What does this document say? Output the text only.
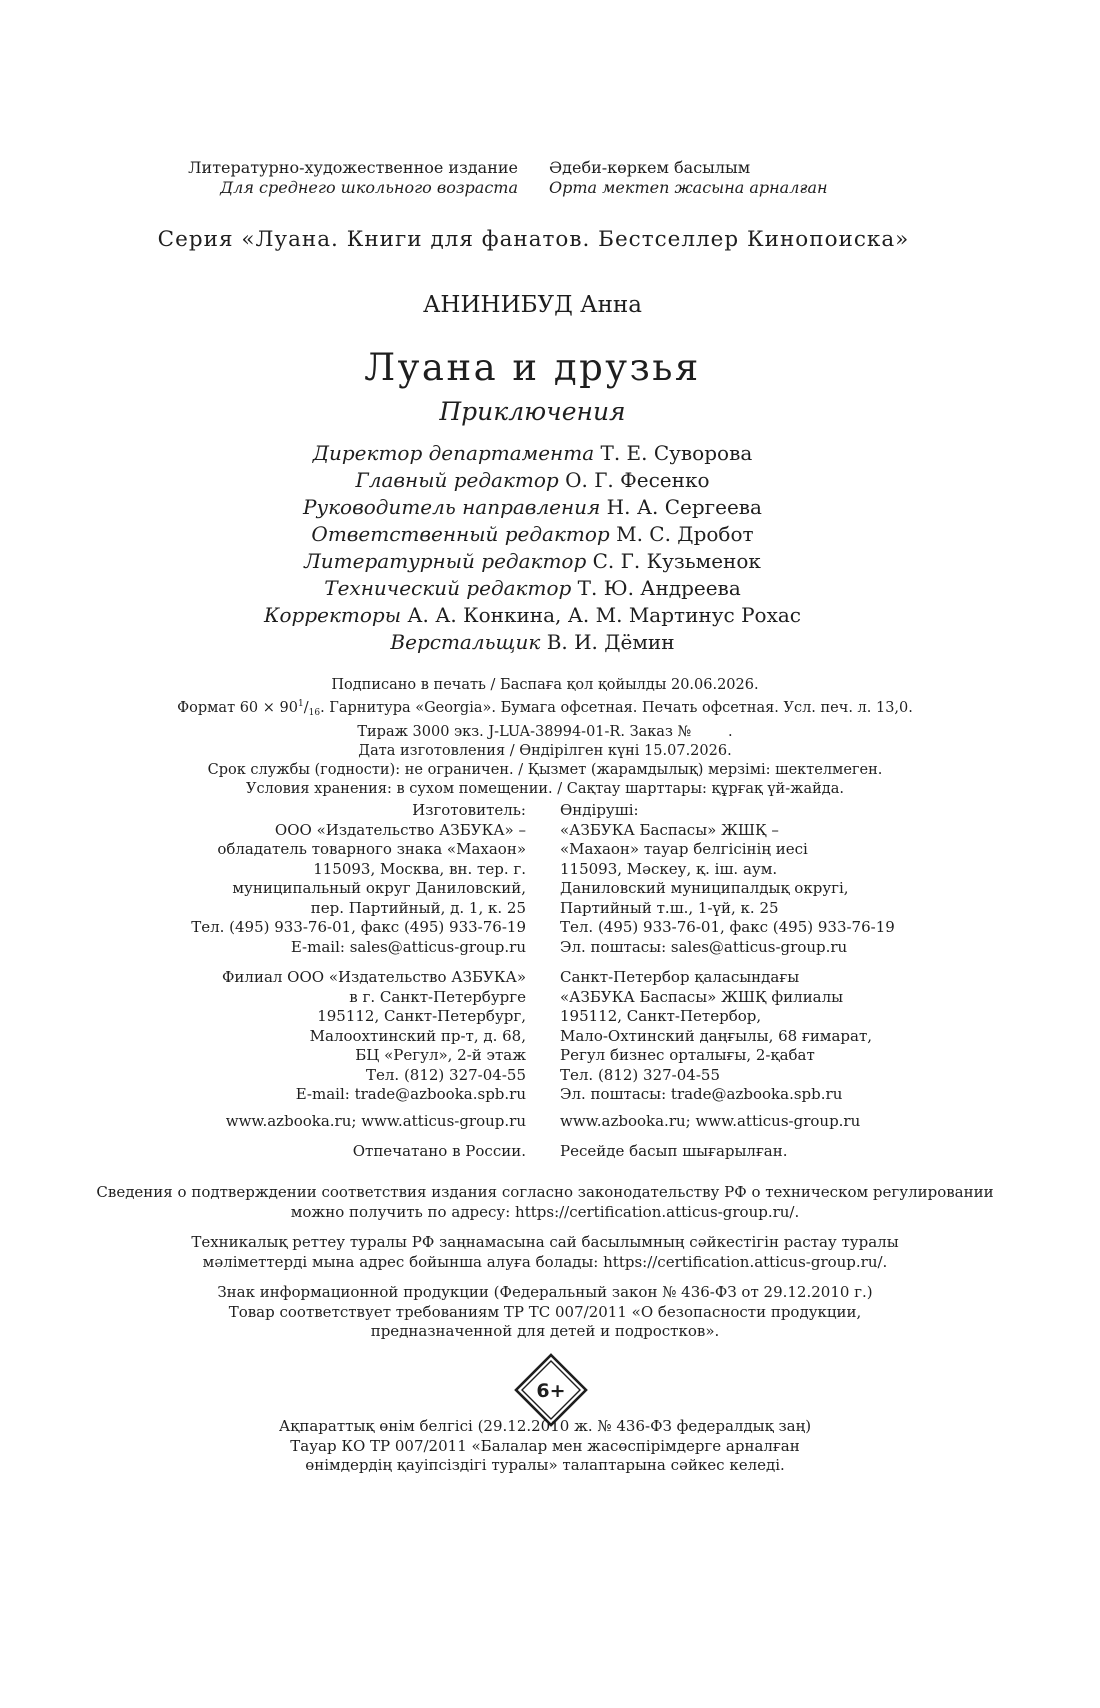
Литературно-художественное издание
Для среднего школьного возраста
Әдеби-көркем басылым
Орта мектеп жасына арналған
Серия «Луана. Книги для фанатов. Бестселлер Кинопоиска»
АНИНИБУД Анна
Луана и друзья
Приключения
Директор департамента Т. Е. Суворова
Главный редактор О. Г. Фесенко
Руководитель направления Н. А. Сергеева
Ответственный редактор М. С. Дробот
Литературный редактор С. Г. Кузьменок
Технический редактор Т. Ю. Андреева
Корректоры А. А. Конкина, А. М. Мартинус Рохас
Верстальщик В. И. Дёмин
Подписано в печать / Баспаға қол қойылды 20.06.2026.
Формат $60 \times 90^1/_{16}$. Гарнитура «Georgia». Бумага офсетная. Печать офсетная. Усл. печ. л. 13,0.
Тираж 3000 экз. J-LUA-38994-01-R. Заказ №        .
Дата изготовления / Өндірілген күні 15.07.2026.
Срок службы (годности): не ограничен. / Қызмет (жарамдылық) мерзімі: шектелмеген.
Условия хранения: в сухом помещении. / Сақтау шарттары: құрғақ үй-жайда.
Изготовитель:
ООО «Издательство АЗБУКА» –
обладатель товарного знака «Махаон»
115093, Москва, вн. тер. г.
муниципальный округ Даниловский,
пер. Партийный, д. 1, к. 25
Тел. (495) 933-76-01, факс (495) 933-76-19
E-mail: sales@atticus-group.ru
Өндіруші:
«АЗБУКА Баспасы» ЖШҚ –
«Махаон» тауар белгісінің иесі
115093, Мәскеу, қ. іш. аум.
Даниловский муниципалдық округі,
Партийный т.ш., 1-үй, к. 25
Тел. (495) 933-76-01, факс (495) 933-76-19
Эл. поштасы: sales@atticus-group.ru
Филиал ООО «Издательство АЗБУКА»
в г. Санкт-Петербурге
195112, Санкт-Петербург,
Малоохтинский пр-т, д. 68,
БЦ «Регул», 2-й этаж
Тел. (812) 327-04-55
E-mail: trade@azbooka.spb.ru
Санкт-Петербор қаласындағы
«АЗБУКА Баспасы» ЖШҚ филиалы
195112, Санкт-Петербор,
Мало-Охтинский даңғылы, 68 ғимарат,
Регул бизнес орталығы, 2-қабат
Тел. (812) 327-04-55
Эл. поштасы: trade@azbooka.spb.ru
www.azbooka.ru; www.atticus-group.ru www.azbooka.ru; www.atticus-group.ru
Отпечатано в России. Ресейде басып шығарылған.
Сведения о подтверждении соответствия издания согласно законодательству РФ о техническом регулировании
можно получить по адресу: https://certification.atticus-group.ru/.
Техникалық реттеу туралы РФ заңнамасына сай басылымның сәйкестігін растау туралы
мәліметтерді мына адрес бойынша алуға болады: https://certification.atticus-group.ru/.
Знак информационной продукции (Федеральный закон № 436-ФЗ от 29.12.2010 г.)
Товар соответствует требованиям ТР ТС 007/2011 «О безопасности продукции,
предназначенной для детей и подростков».
6+
Ақпараттық өнім белгісі (29.12.2010 ж. № 436-ФЗ федералдық заң)
Тауар КО ТР 007/2011 «Балалар мен жасөспірімдерге арналған
өнімдердің қауіпсіздігі туралы» талаптарына сәйкес келеді.
